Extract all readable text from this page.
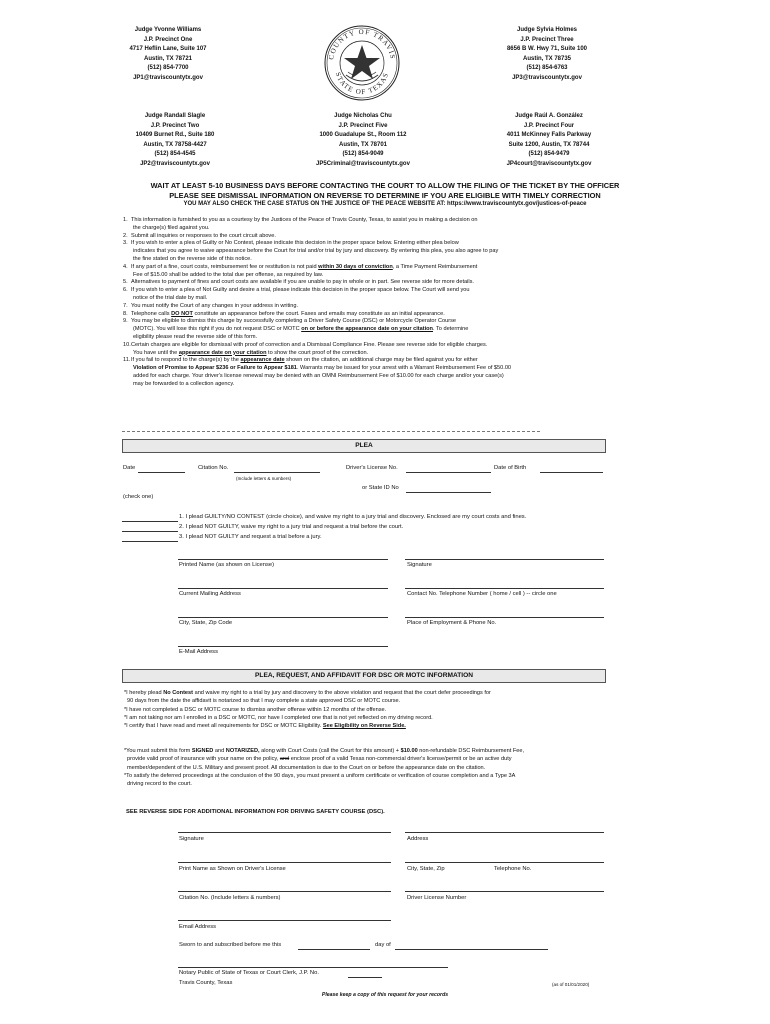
Judge Yvonne Williams
J.P. Precinct One
4717 Heflin Lane, Suite 107
Austin, TX 78721
(512) 854-7700
JP1@traviscountytx.gov
Judge Sylvia Holmes
J.P. Precinct Three
8656 B W. Hwy 71, Suite 100
Austin, TX 78735
(512) 854-6763
JP3@traviscountytx.gov
Judge Randall Slagle
J.P. Precinct Two
10409 Burnet Rd., Suite 180
Austin, TX 78758-4427
(512) 854-4545
JP2@traviscountytx.gov
Judge Nicholas Chu
J.P. Precinct Five
1000 Guadalupe St., Room 112
Austin, TX 78701
(512) 854-9049
JP5Criminal@traviscountytx.gov
Judge Raúl A. González
J.P. Precinct Four
4011 McKinney Falls Parkway
Suite 1200, Austin, TX 78744
(512) 854-9479
JP4court@traviscountytx.gov
COUNTY OF TRAVIS
STATE OF TEXAS
WAIT AT LEAST 5-10 BUSINESS DAYS BEFORE CONTACTING THE COURT TO ALLOW THE FILING OF THE TICKET BY THE OFFICER
PLEASE SEE DISMISSAL INFORMATION ON REVERSE TO DETERMINE IF YOU ARE ELIGIBLE WITH TIMELY CORRECTION
YOU MAY ALSO CHECK THE CASE STATUS ON THE JUSTICE OF THE PEACE WEBSITE AT: https://www.traviscountytx.gov/justices-of-peace
1. This information is furnished to you as a courtesy by the Justices of the Peace of Travis County, Texas, to assist you in making a decision on
the charge(s) filed against you.
2. Submit all inquiries or responses to the court circuit above.
3. If you wish to enter a plea of Guilty or No Contest, please indicate this decision in the proper space below. Entering either plea below
indicates that you agree to waive appearance before the Court for trial and/or trial by jury and discovery. By entering this plea, you also agree to pay
the fine stated on the reverse side of this notice.
4. If any part of a fine, court costs, reimbursement fee or restitution is not paid within 30 days of conviction, a Time Payment Reimbursement
Fee of $15.00 shall be added to the total due per offense, as required by law.
5. Alternatives to payment of fines and court costs are available if you are unable to pay in whole or in part. See reverse side for more details.
6. If you wish to enter a plea of Not Guilty and desire a trial, please indicate this decision in the proper space below. The Court will send you
notice of the trial date by mail.
7. You must notify the Court of any changes in your address in writing.
8. Telephone calls DO NOT constitute an appearance before the court. Faxes and emails may constitute as an initial appearance.
9. You may be eligible to dismiss this charge by successfully completing a Driver Safety Course (DSC) or Motorcycle Operator Course
(MOTC). You will lose this right if you do not request DSC or MOTC on or before the appearance date on your citation. To determine
eligibility please read the reverse side of this form.
10. Certain charges are eligible for dismissal with proof of correction and a Dismissal Compliance Fine. Please see reverse side for eligible charges.
You have until the appearance date on your citation to show the court proof of the correction.
11. If you fail to respond to the charge(s) by the appearance date shown on the citation, an additional charge may be filed against you for either
Violation of Promise to Appear $236 or Failure to Appear $181. Warrants may be issued for your arrest with a Warrant Reimbursement Fee of $50.00
added for each charge. Your driver's license renewal may be denied with an OMNI Reimbursement Fee of $10.00 for each charge and/or your case(s)
may be forwarded to a collection agency.
PLEA
Date	Citation No.
(Include letters & numbers)
Driver's License No.	Date of Birth
or State ID No
(check one)
1. I plead GUILTY/NO CONTEST (circle choice), and waive my right to a jury trial and discovery. Enclosed are my court costs and fines.
2. I plead NOT GUILTY, waive my right to a jury trial and request a trial before the court.
3. I plead NOT GUILTY and request a trial before a jury.
Printed Name (as shown on License)	Signature
Current Mailing Address	Contact No. Telephone Number ( home / cell ) -- circle one
City, State, Zip Code	Place of Employment & Phone No.
E-Mail Address
PLEA, REQUEST, AND AFFIDAVIT FOR DSC OR MOTC INFORMATION
*I hereby plead No Contest and waive my right to a trial by jury and discovery to the above violation and request that the court defer proceedings for
90 days from the date the affidavit is notarized so that I may complete a state approved DSC or MOTC course.
*I have not completed a DSC or MOTC course to dismiss another offense within 12 months of the offense.
*I am not taking nor am I enrolled in a DSC or MOTC, nor have I completed one that is not yet reflected on my driving record.
*I certify that I have read and meet all requirements for DSC or MOTC Eligibility. See Eligibility on Reverse Side.
*You must submit this form SIGNED and NOTARIZED, along with Court Costs (call the Court for this amount) + $10.00 non-refundable DSC Reimbursement Fee,
provide valid proof of insurance with your name on the policy, and enclose proof of a valid Texas non-commercial driver's license/permit or be an active duty
member/dependent of the U.S. Military and present proof. All documentation is due to the Court on or before the appearance date on the citation.
*To satisfy the deferred proceedings at the conclusion of the 90 days, you must present a uniform certificate or verification of course completion and a Type 3A
driving record to the court.
SEE REVERSE SIDE FOR ADDITIONAL INFORMATION FOR DRIVING SAFETY COURSE (DSC).
Signature	Address
Print Name as Shown on Driver's License	City, State, Zip	Telephone No.
Citation No. (Include letters & numbers)	Driver License Number
Email Address
Sworn to and subscribed before me this	day of
Notary Public of State of Texas or Court Clerk, J.P. No.
Travis County, Texas	(as of 01/01/2020)
Please keep a copy of this request for your records
